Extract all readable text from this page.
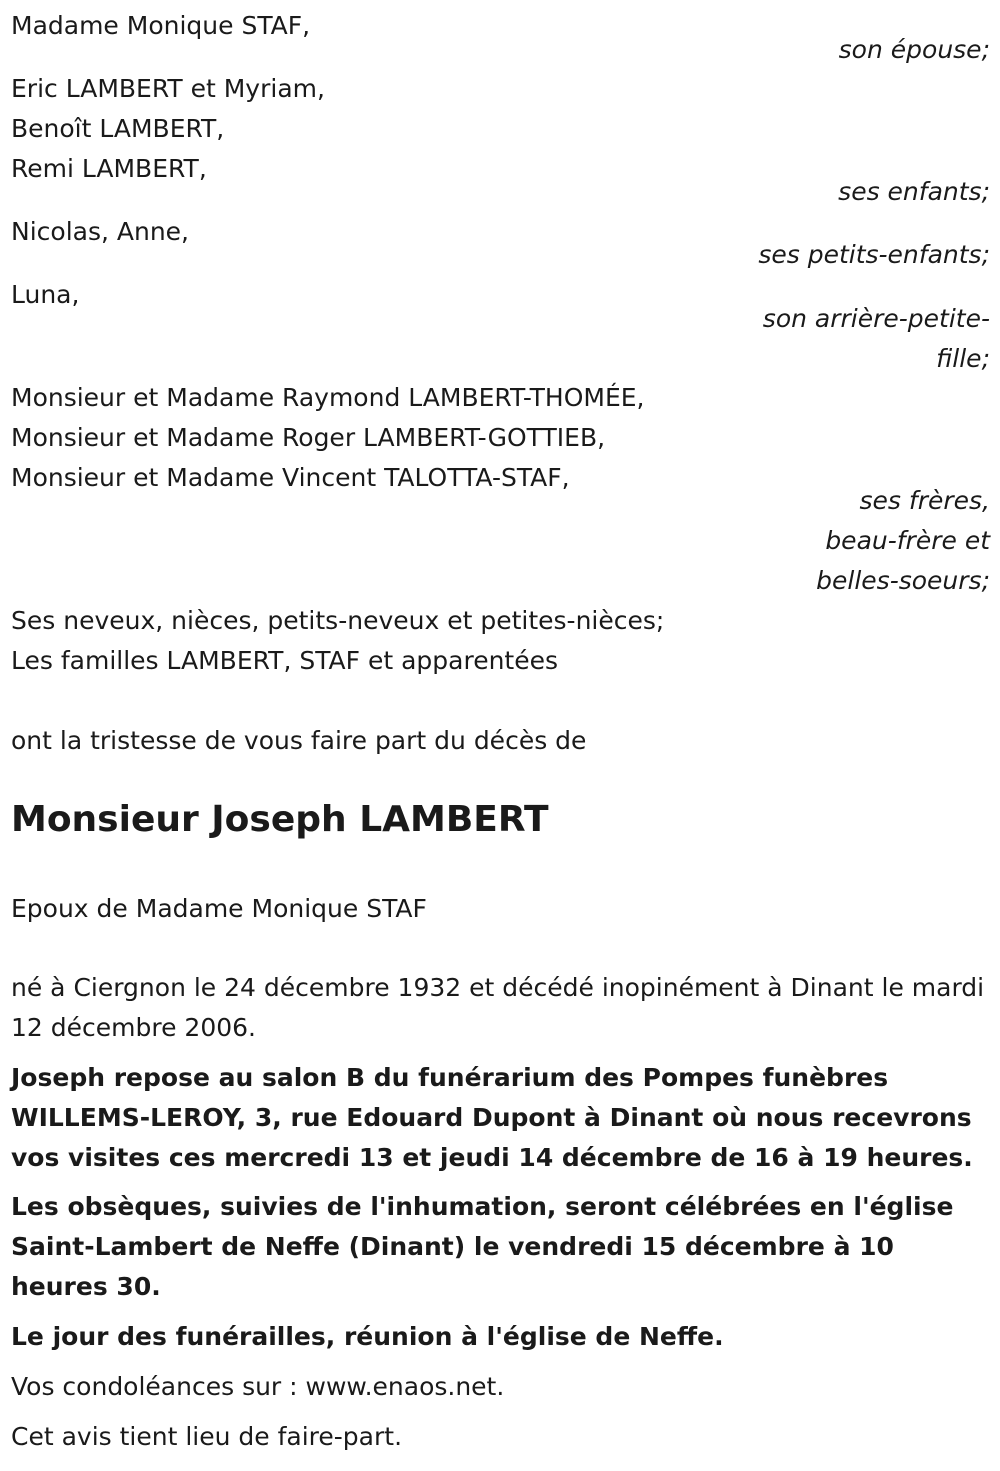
Madame Monique STAF,
son épouse;
Eric LAMBERT et Myriam,
Benoît LAMBERT,
Remi LAMBERT,
ses enfants;
Nicolas, Anne,
ses petits-enfants;
Luna,
son arrière-petite-
fille;
Monsieur et Madame Raymond LAMBERT-THOMÉE,
Monsieur et Madame Roger LAMBERT-GOTTIEB,
Monsieur et Madame Vincent TALOTTA-STAF,
ses frères,
beau-frère et
belles-soeurs;
Ses neveux, nièces, petits-neveux et petites-nièces;
Les familles LAMBERT, STAF et apparentées
ont la tristesse de vous faire part du décès de
Monsieur Joseph LAMBERT
Epoux de Madame Monique STAF
né à Ciergnon le 24 décembre 1932 et décédé inopinément à Dinant le mardi 12 décembre 2006.
Joseph repose au salon B du funérarium des Pompes funèbres WILLEMS-LEROY, 3, rue Edouard Dupont à Dinant où nous recevrons vos visites ces mercredi 13 et jeudi 14 décembre de 16 à 19 heures.
Les obsèques, suivies de l'inhumation, seront célébrées en l'église Saint-Lambert de Neffe (Dinant) le vendredi 15 décembre à 10 heures 30.
Le jour des funérailles, réunion à l'église de Neffe.
Vos condoléances sur : www.enaos.net.
Cet avis tient lieu de faire-part.
